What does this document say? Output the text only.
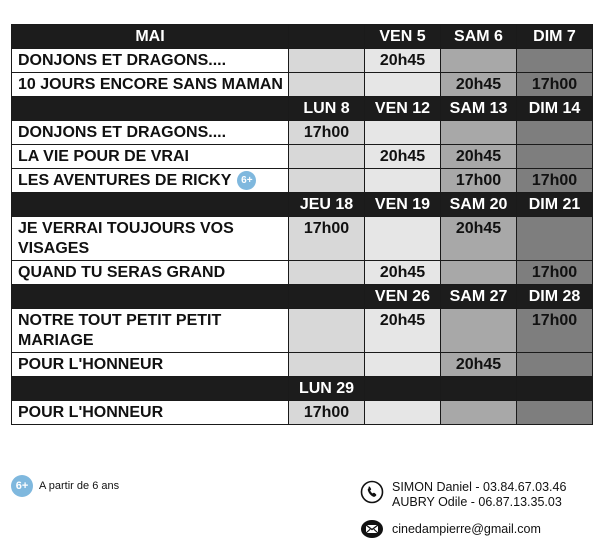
MAI		VEN 5	SAM 6	DIM 7
DONJONS ET DRAGONS....		20h45		
10 JOURS ENCORE SANS MAMAN			20h45	17h00
	LUN 8	VEN 12	SAM 13	DIM 14
DONJONS ET DRAGONS....	17h00			
LA VIE POUR DE VRAI		20h45	20h45	
LES AVENTURES DE RICKY 6+			17h00	17h00
	JEU 18	VEN 19	SAM 20	DIM 21
JE VERRAI TOUJOURS VOS VISAGES	17h00		20h45	
QUAND TU SERAS GRAND		20h45		17h00
		VEN 26	SAM 27	DIM 28
NOTRE TOUT PETIT PETIT MARIAGE		20h45		17h00
POUR L'HONNEUR			20h45	
	LUN 29			
POUR L'HONNEUR	17h00			
6+ A partir de 6 ans	SIMON Daniel - 03.84.67.03.46
AUBRY Odile - 06.87.13.35.03
cinedampierre@gmail.com
